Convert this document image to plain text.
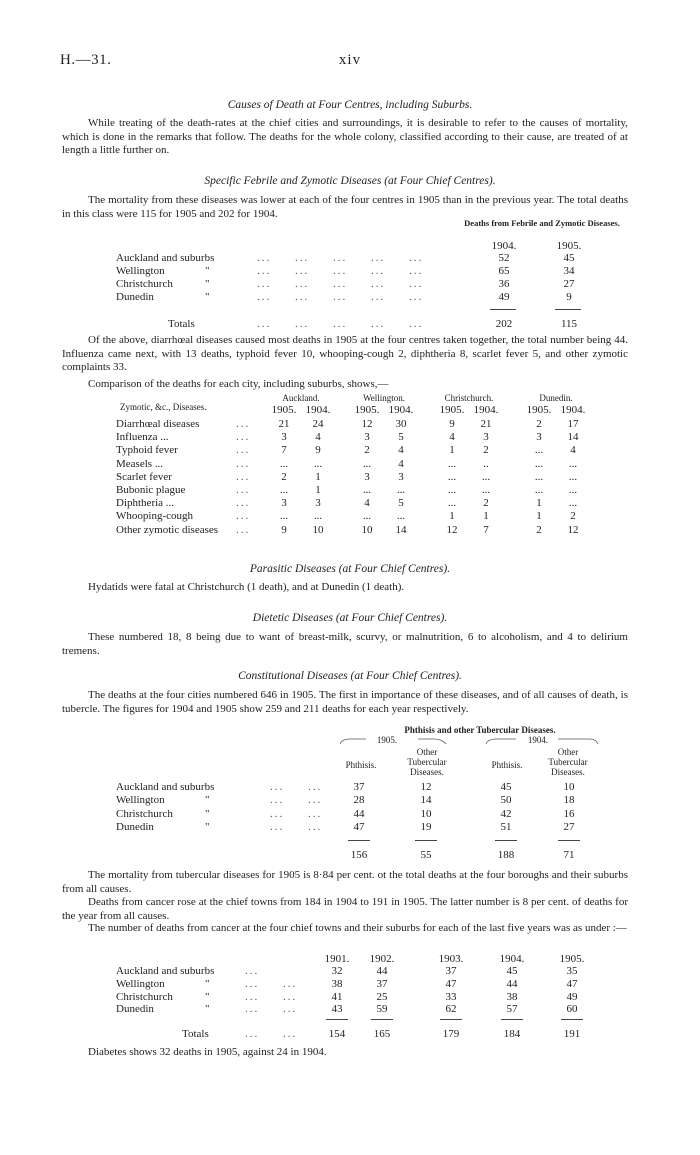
H.—31.	xiv
Causes of Death at Four Centres, including Suburbs.
While treating of the death-rates at the chief cities and surroundings, it is desirable to refer to the causes of mortality, which is done in the remarks that follow. The deaths for the whole colony, classified according to their cause, are treated of at length a little further on.
Specific Febrile and Zymotic Diseases (at Four Chief Centres).
The mortality from these diseases was lower at each of the four centres in 1905 than in the previous year. The total deaths in this class were 115 for 1905 and 202 for 1904.
Deaths from Febrile and Zymotic Diseases.
1904.	1905.
Auckland and suburbs	...     ...     ...     ...     ...	52	45
Wellington	"	...     ...     ...     ...     ...	65	34
Christchurch	"	...     ...     ...     ...     ...	36	27
Dunedin	"	...     ...     ...     ...     ...	49	9
Totals	...     ...     ...     ...     ...	202	115
Of the above, diarrhœal diseases caused most deaths in 1905 at the four centres taken together, the total number being 44. Influenza came next, with 13 deaths, typhoid fever 10, whooping-cough 2, diphtheria 8, scarlet fever 5, and other zymotic complaints 33.
Comparison of the deaths for each city, including suburbs, shows,—
Zymotic, &c., Diseases.
Auckland.	Wellington.	Christchurch.	Dunedin.
1905. 1904.	1905. 1904.	1905. 1904.	1905. 1904.
Diarrhœal diseases	...	21	24	12	30	9	21	2	17
Influenza ...	...	3	4	3	5	4	3	3	14
Typhoid fever	...	7	9	2	4	1	2	...	4
Measels ...	...	...	...	...	4	...	..	...	...
Scarlet fever	...	2	1	3	3	...	...	...	...
Bubonic plague	...	...	1	...	...	...	...	...	...
Diphtheria ...	...	3	3	4	5	...	2	1	...
Whooping-cough	...	...	...	...	...	1	1	1	2
Other zymotic diseases ...	9	10	10	14	12	7	2	12
Parasitic Diseases (at Four Chief Centres).
Hydatids were fatal at Christchurch (1 death), and at Dunedin (1 death).
Dietetic Diseases (at Four Chief Centres).
These numbered 18, 8 being due to want of breast-milk, scurvy, or malnutrition, 6 to alcoholism, and 4 to delirium tremens.
Constitutional Diseases (at Four Chief Centres).
The deaths at the four cities numbered 646 in 1905. The first in importance of these diseases, and of all causes of death, is tubercle. The figures for 1904 and 1905 show 259 and 211 deaths for each year respectively.
Phthisis and other Tubercular Diseases.
1905.	1904.
Phthisis.
Other Tubercular Diseases.
Phthisis.
Other Tubercular Diseases.
Auckland and suburbs	...     ...	37	12	45	10
Wellington	"	...     ...	28	14	50	18
Christchurch	"	...     ...	44	10	42	16
Dunedin	"	...     ...	47	19	51	27
156	55	188	71
The mortality from tubercular diseases for 1905 is 8·84 per cent. ot the total deaths at the four boroughs and their suburbs from all causes.
Deaths from cancer rose at the chief towns from 184 in 1904 to 191 in 1905. The latter number is 8 per cent. of deaths for the year from all causes.
The number of deaths from cancer at the four chief towns and their suburbs for each of the last five years was as under :—
1901.	1902.	1903.	1904.	1905.
Auckland and suburbs	...	32	44	37	45	35
Wellington	"	...     ...	38	37	47	44	47
Christchurch	"	...     ...	41	25	33	38	49
Dunedin	"	...     ...	43	59	62	57	60
Totals	...     ...	154	165	179	184	191
Diabetes shows 32 deaths in 1905, against 24 in 1904.
